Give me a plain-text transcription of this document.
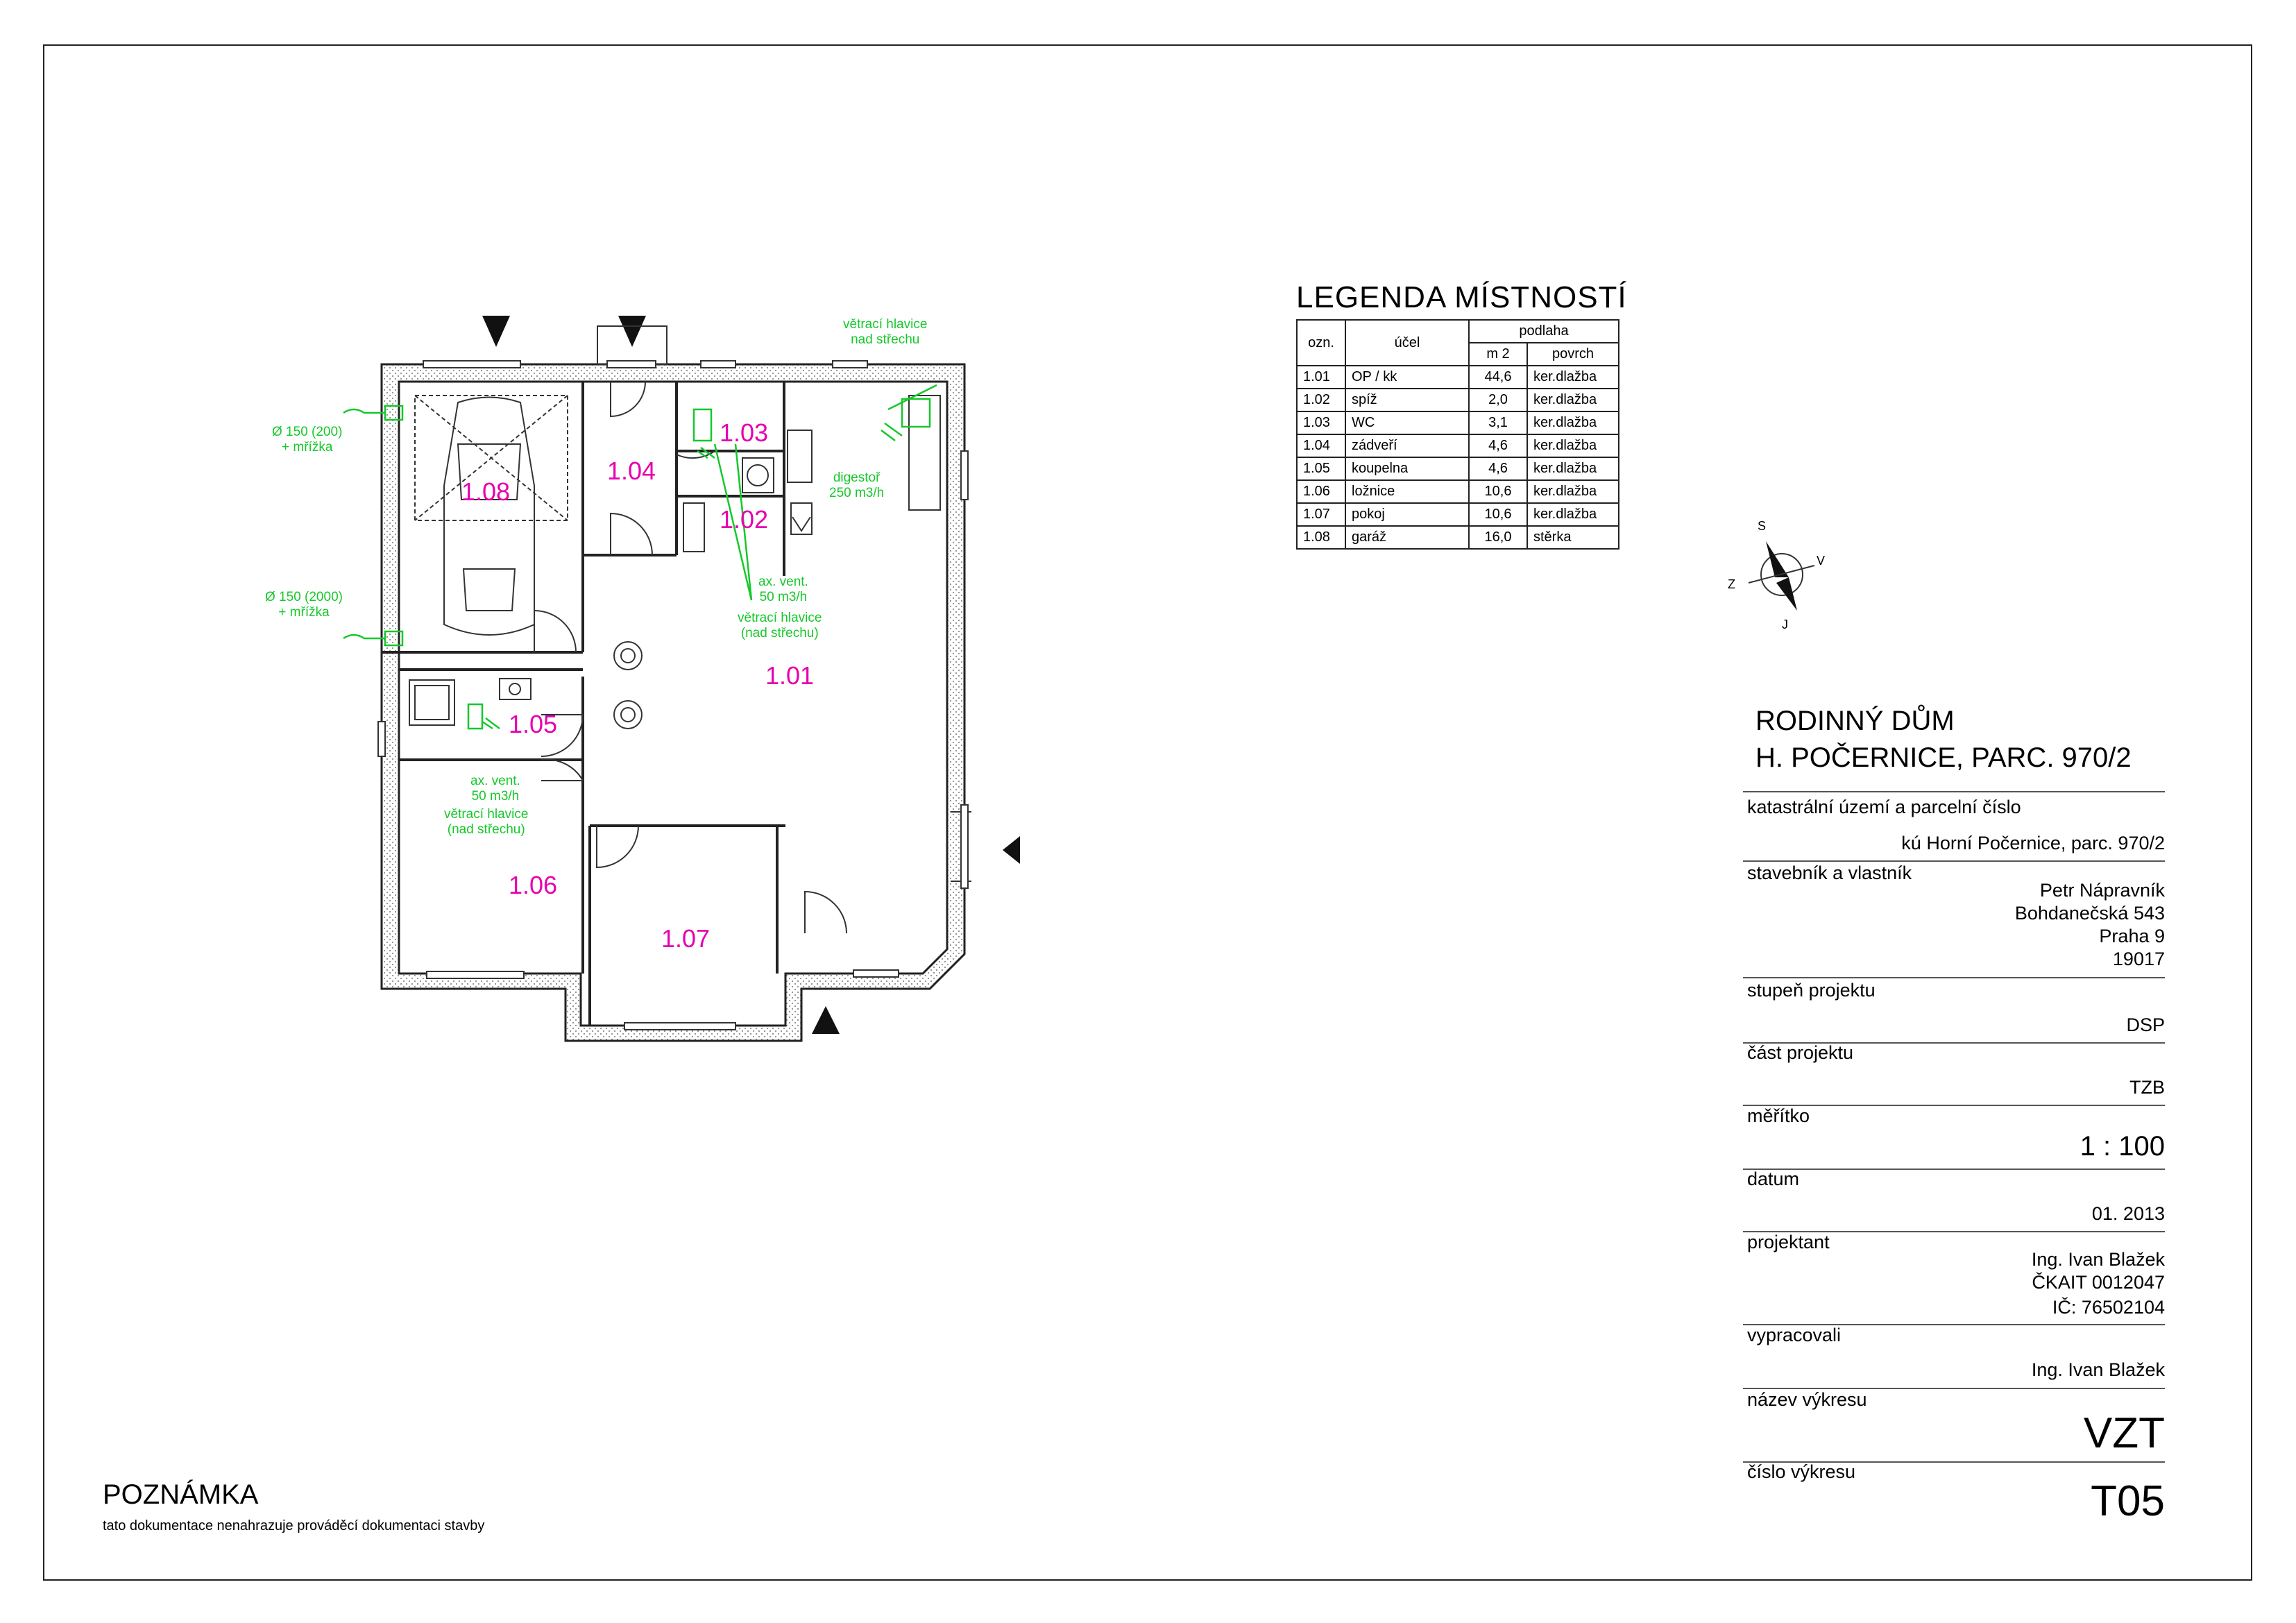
1.08
1.04
1.03
1.02
1.01
1.05
1.06
1.07
Ø 150 (200)
+ mřížka
Ø 150 (2000)
+ mřížka
větrací hlavice
nad střechu
digestoř
250 m3/h
ax. vent.
50 m3/h
větrací hlavice
(nad střechu)
ax. vent.
50 m3/h
větrací hlavice
(nad střechu)
S
V
Z
J
LEGENDA MÍSTNOSTÍ
ozn.	účel	podlaha	
		m 2	povrch
1.01	OP / kk	44,6	ker.dlažba
1.02	spíž	2,0	ker.dlažba
1.03	WC	3,1	ker.dlažba
1.04	zádveří	4,6	ker.dlažba
1.05	koupelna	4,6	ker.dlažba
1.06	ložnice	10,6	ker.dlažba
1.07	pokoj	10,6	ker.dlažba
1.08	garáž	16,0	stěrka
RODINNÝ DŮM
H. POČERNICE, PARC. 970/2
katastrální území a parcelní číslo
kú Horní Počernice, parc. 970/2
stavebník a vlastník
Petr Nápravník
Bohdanečská 543
Praha 9
19017
stupeň projektu
DSP
část projektu
TZB
měřítko
1 : 100
datum
01. 2013
projektant
Ing. Ivan Blažek
ČKAIT 0012047
IČ: 76502104
vypracovali
Ing. Ivan Blažek
název výkresu
VZT
číslo výkresu
T05
POZNÁMKA
tato dokumentace nenahrazuje prováděcí dokumentaci stavby
